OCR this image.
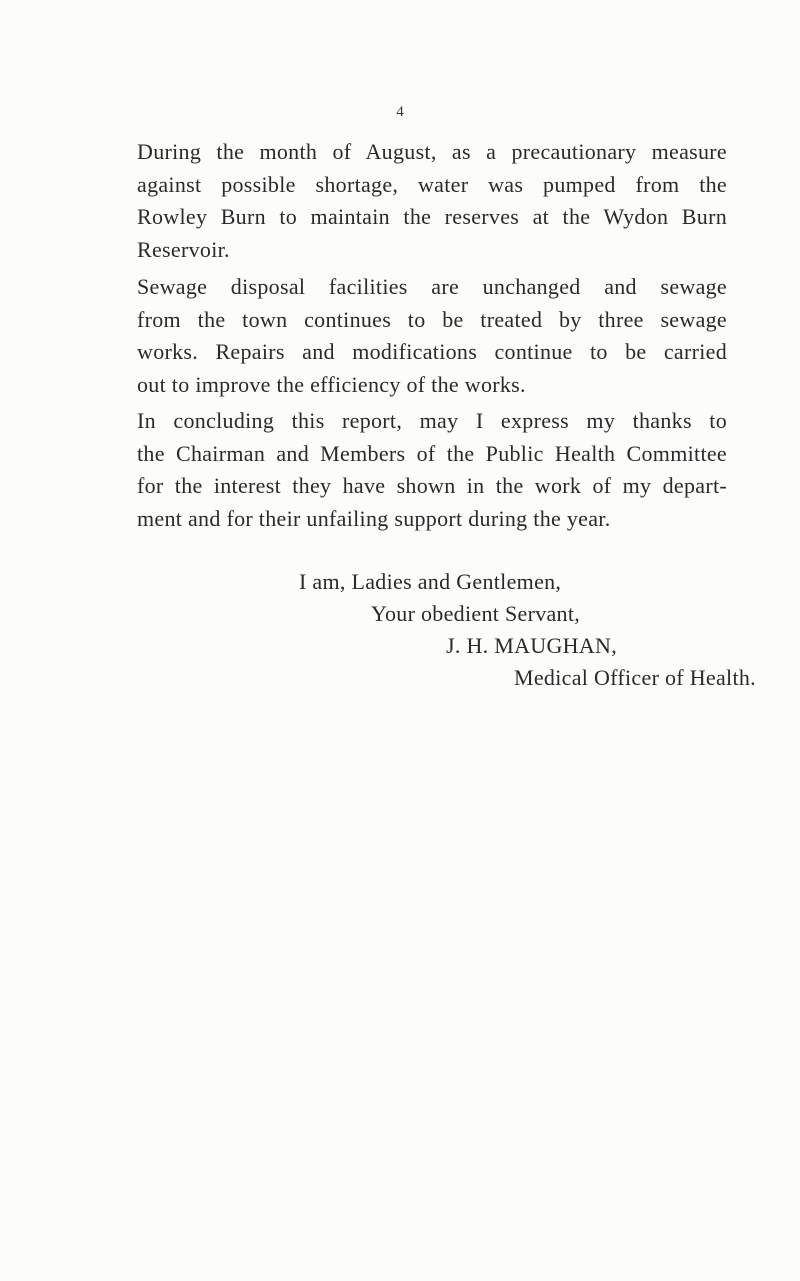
4

During the month of August, as a precautionary measure
against possible shortage, water was pumped from the
Rowley Burn to maintain the reserves at the Wydon Burn
Reservoir.

Sewage disposal facilities are unchanged and sewage
from the town continues to be treated by three sewage
works. Repairs and modifications continue to be carried
out to improve the efficiency of the works.

In concluding this report, may I express my thanks to
the Chairman and Members of the Public Health Committee
for the interest they have shown in the work of my depart-
ment and for their unfailing support during the year.

I am, Ladies and Gentlemen,
Your obedient Servant,
J. H. MAUGHAN,
Medical Officer of Health.
